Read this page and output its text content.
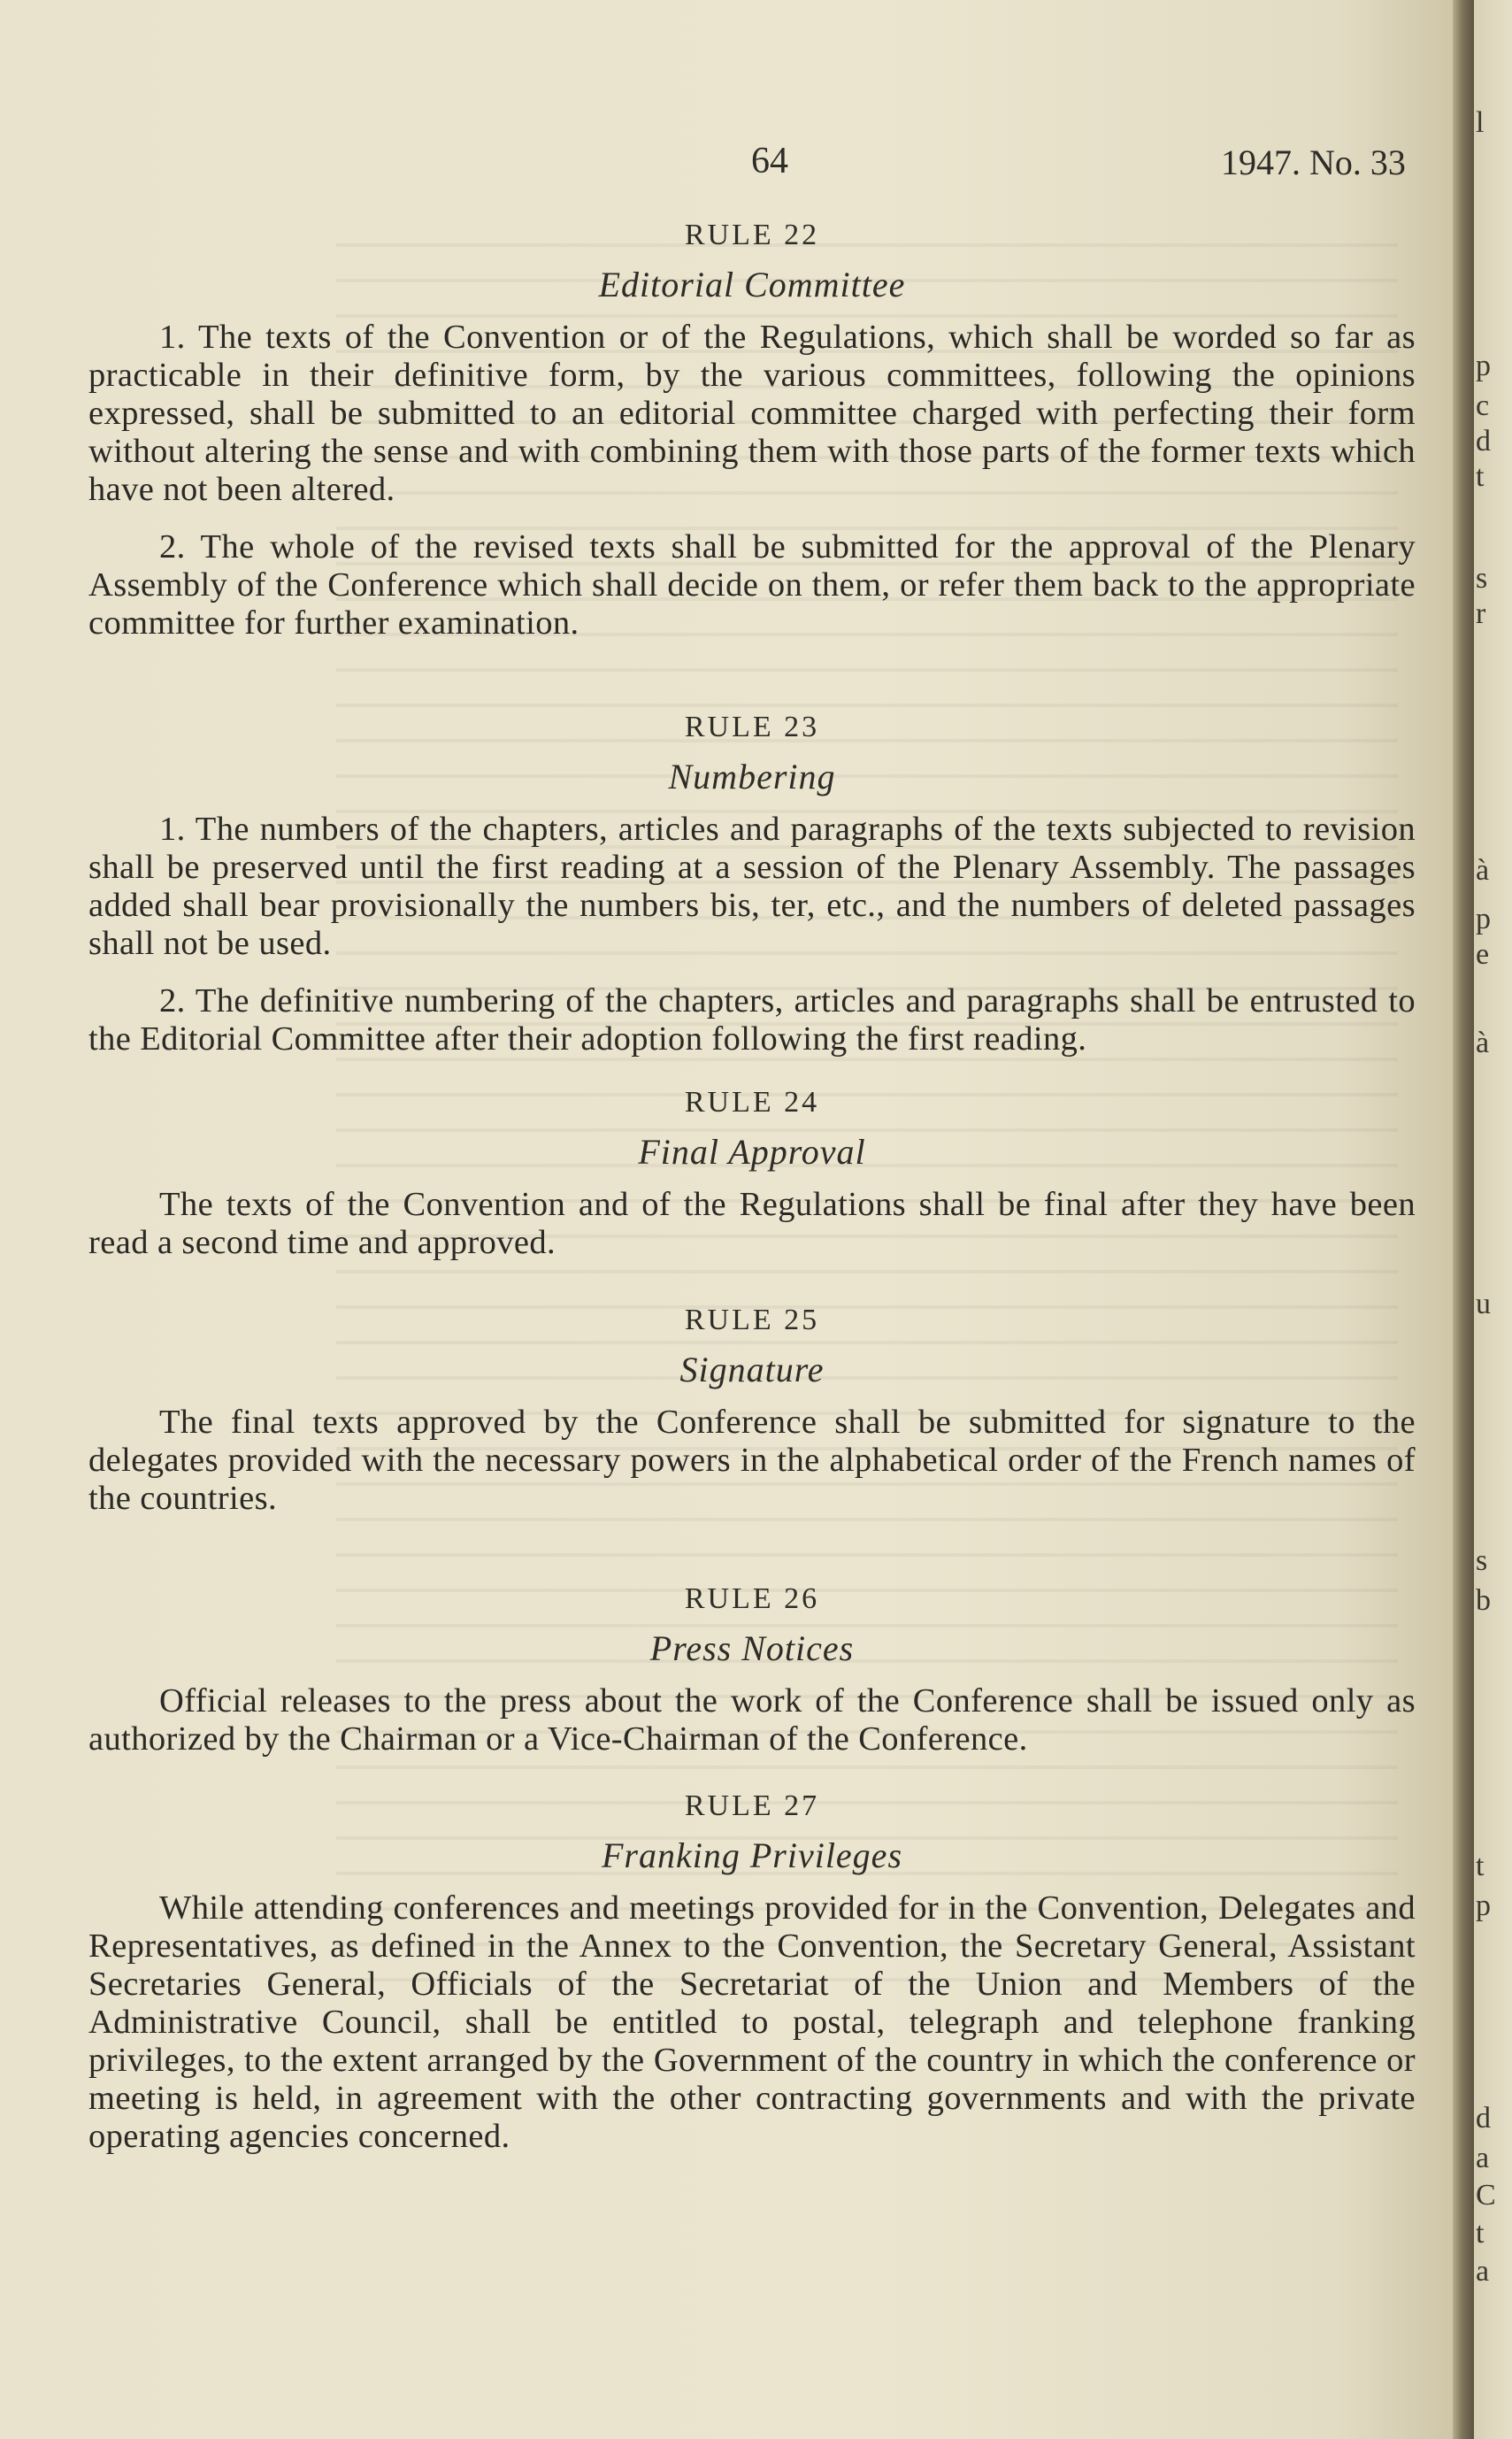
64	1947. No. 33
RULE 22
Editorial Committee

1. The texts of the Convention or of the Regulations, which shall be worded so far as practicable in their definitive form, by the various committees, following the opinions expressed, shall be submitted to an editorial committee charged with perfecting their form without altering the sense and with combining them with those parts of the former texts which have not been altered.

2. The whole of the revised texts shall be submitted for the approval of the Plenary Assembly of the Conference which shall decide on them, or refer them back to the appropriate committee for further examination.

RULE 23
Numbering

1. The numbers of the chapters, articles and paragraphs of the texts subjected to revision shall be preserved until the first reading at a session of the Plenary Assembly. The passages added shall bear provisionally the numbers bis, ter, etc., and the numbers of deleted passages shall not be used.

2. The definitive numbering of the chapters, articles and paragraphs shall be entrusted to the Editorial Committee after their adoption following the first reading.

RULE 24
Final Approval

The texts of the Convention and of the Regulations shall be final after they have been read a second time and approved.

RULE 25
Signature

The final texts approved by the Conference shall be submitted for signature to the delegates provided with the necessary powers in the alphabetical order of the French names of the countries.

RULE 26
Press Notices

Official releases to the press about the work of the Conference shall be issued only as authorized by the Chairman or a Vice-Chairman of the Conference.

RULE 27
Franking Privileges

While attending conferences and meetings provided for in the Convention, Delegates and Representatives, as defined in the Annex to the Convention, the Secretary General, Assistant Secretaries General, Officials of the Secretariat of the Union and Members of the Administrative Council, shall be entitled to postal, telegraph and telephone franking privileges, to the extent arranged by the Government of the country in which the conference or meeting is held, in agreement with the other contracting governments and with the private operating agencies concerned.

l
p
c
d
t
s
r
à
p
e
à
u
s
b
t
p
d
a
C
t
a
